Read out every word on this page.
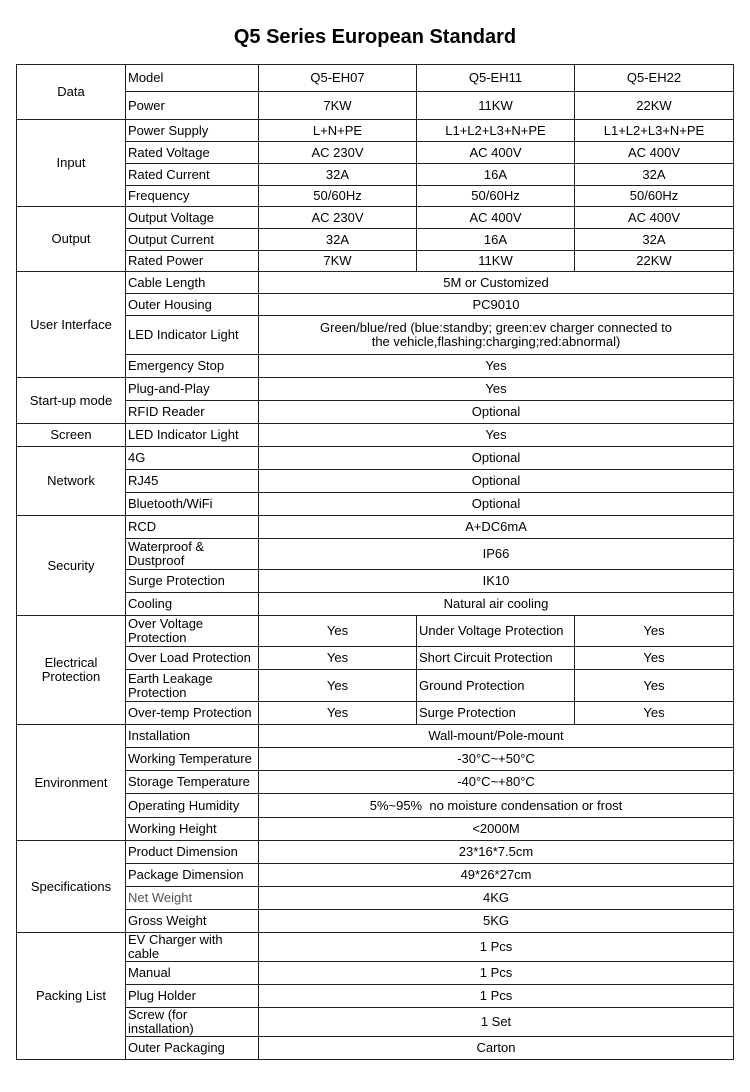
Q5 Series European Standard
Data	Model	Q5-EH07	Q5-EH11	Q5-EH22
	Power	7KW	11KW	22KW
Input	Power Supply	L+N+PE	L1+L2+L3+N+PE	L1+L2+L3+N+PE
	Rated Voltage	AC 230V	AC 400V	AC 400V
	Rated Current	32A	16A	32A
	Frequency	50/60Hz	50/60Hz	50/60Hz
Output	Output Voltage	AC 230V	AC 400V	AC 400V
	Output Current	32A	16A	32A
	Rated Power	7KW	11KW	22KW
User Interface	Cable Length	5M or Customized		
	Outer Housing	PC9010		
	LED Indicator Light	Green/blue/red (blue:standby; green:ev charger connected to the vehicle,flashing:charging;red:abnormal)		
	Emergency Stop	Yes		
Start-up mode	Plug-and-Play	Yes		
	RFID Reader	Optional		
Screen	LED Indicator Light	Yes		
Network	4G	Optional		
	RJ45	Optional		
	Bluetooth/WiFi	Optional		
Security	RCD	A+DC6mA		
	Waterproof & Dustproof	IP66		
	Surge Protection	IK10		
	Cooling	Natural air cooling		
Electrical Protection	Over Voltage Protection	Yes	Under Voltage Protection	Yes
	Over Load Protection	Yes	Short Circuit Protection	Yes
	Earth Leakage Protection	Yes	Ground Protection	Yes
	Over-temp Protection	Yes	Surge Protection	Yes
Environment	Installation	Wall-mount/Pole-mount		
	Working Temperature	-30°C~+50°C		
	Storage Temperature	-40°C~+80°C		
	Operating Humidity	5%~95%  no moisture condensation or frost		
	Working Height	<2000M		
Specifications	Product Dimension	23*16*7.5cm		
	Package Dimension	49*26*27cm		
	Net Weight	4KG		
	Gross Weight	5KG		
Packing List	EV Charger with cable	1 Pcs		
	Manual	1 Pcs		
	Plug Holder	1 Pcs		
	Screw (for installation)	1 Set		
	Outer Packaging	Carton		
